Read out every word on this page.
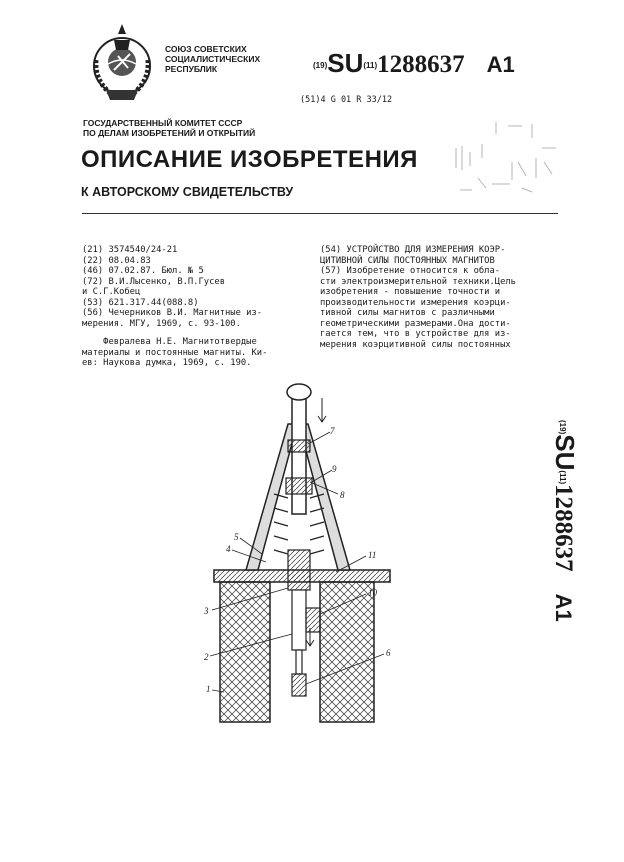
СОЮЗ СОВЕТСКИХ
СОЦИАЛИСТИЧЕСКИХ
РЕСПУБЛИК	$^{(19)}$SU$^{(11)}$1288637 A1
(51)4 G 01 R 33/12
ГОСУДАРСТВЕННЫЙ КОМИТЕТ СССР
ПО ДЕЛАМ ИЗОБРЕТЕНИЙ И ОТКРЫТИЙ
ОПИСАНИЕ ИЗОБРЕТЕНИЯ
К АВТОРСКОМУ СВИДЕТЕЛЬСТВУ
(21) 3574540/24-21
(22) 08.04.83
(46) 07.02.87. Бюл. № 5
(72) В.И.Лысенко, В.П.Гусев
и С.Г.Кобец
(53) 621.317.44(088.8)
(56) Чечерников В.И. Магнитные из-
мерения. МГУ, 1969, с. 93-100.
Февралева Н.Е. Магнитотвердые
материалы и постоянные магниты. Ки-
ев: Наукова думка, 1969, с. 190.
(54) УСТРОЙСТВО ДЛЯ ИЗМЕРЕНИЯ КОЭР-
ЦИТИВНОЙ СИЛЫ ПОСТОЯННЫХ МАГНИТОВ
(57) Изобретение относится к обла-
сти электроизмерительной техники.Цель
изобретения - повышение точности и
производительности измерения коэрци-
тивной силы магнитов с различными
геометрическими размерами.Она дости-
гается тем, что в устройстве для из-
мерения коэрцитивной силы постоянных
$^{(19)}$SU$^{(11)}$1288637A1
1
2
3
4
5
6
7
8
9
10
11
